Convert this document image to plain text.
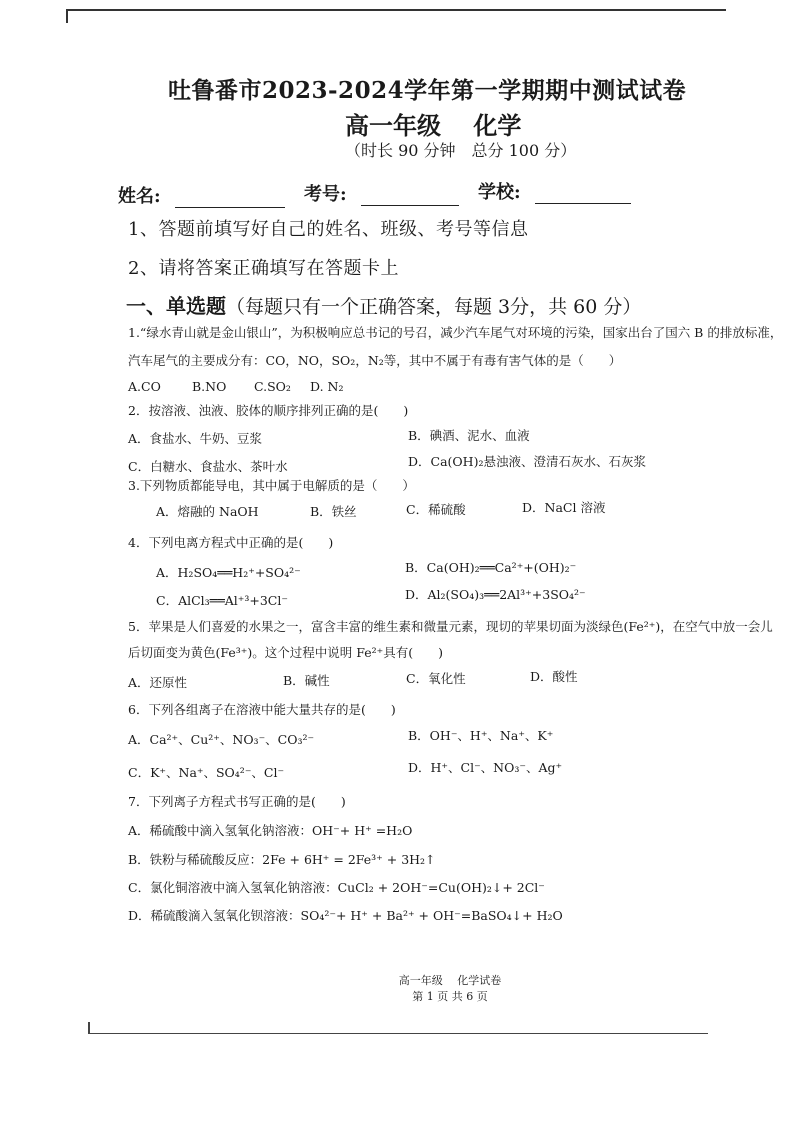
吐鲁番市2023-2024学年第一学期期中测试试卷
高一年级　 化学
（时长 90 分钟　总分 100 分）
姓名:	考号:	学校:
1、答题前填写好自己的姓名、班级、考号等信息
2、请将答案正确填写在答题卡上
一、单选题（每题只有一个正确答案，每题 3分，共 60 分）
1.“绿水青山就是金山银山”，为积极响应总书记的号召，减少汽车尾气对环境的污染，国家出台了国六 B 的排放标准，
汽车尾气的主要成分有：CO，NO，SO₂，N₂等，其中不属于有毒有害气体的是（　　）
A.CO B.NO C.SO₂ D. N₂
2．按溶液、浊液、胶体的顺序排列正确的是(　　)
A．食盐水、牛奶、豆浆	B．碘酒、泥水、血液
C．白糖水、食盐水、茶叶水	D．Ca(OH)₂悬浊液、澄清石灰水、石灰浆
3.下列物质都能导电，其中属于电解质的是（　　）
A．熔融的 NaOH	B．铁丝	C．稀硫酸	D．NaCl 溶液
4．下列电离方程式中正确的是(　　)
A．H₂SO₄══H₂⁺+SO₄²⁻	B．Ca(OH)₂══Ca²⁺+(OH)₂⁻
C．AlCl₃══Al⁺³+3Cl⁻	D．Al₂(SO₄)₃══2Al³⁺+3SO₄²⁻
5．苹果是人们喜爱的水果之一，富含丰富的维生素和微量元素，现切的苹果切面为淡绿色(Fe²⁺)，在空气中放一会儿
后切面变为黄色(Fe³⁺)。这个过程中说明 Fe²⁺具有(　　)
A．还原性	B．碱性	C．氧化性	D．酸性
6．下列各组离子在溶液中能大量共存的是(　　)
A．Ca²⁺、Cu²⁺、NO₃⁻、CO₃²⁻	B．OH⁻、H⁺、Na⁺、K⁺
C．K⁺、Na⁺、SO₄²⁻、Cl⁻	D．H⁺、Cl⁻、NO₃⁻、Ag⁺
7．下列离子方程式书写正确的是(　　)
A．稀硫酸中滴入氢氧化钠溶液：OH⁻+ H⁺ =H₂O
B．铁粉与稀硫酸反应：2Fe + 6H⁺ = 2Fe³⁺ + 3H₂↑
C．氯化铜溶液中滴入氢氧化钠溶液：CuCl₂ + 2OH⁻=Cu(OH)₂↓+ 2Cl⁻
D．稀硫酸滴入氢氧化钡溶液：SO₄²⁻+ H⁺ + Ba²⁺ + OH⁻=BaSO₄↓+ H₂O
高一年级　 化学试卷
第 1 页 共 6 页
